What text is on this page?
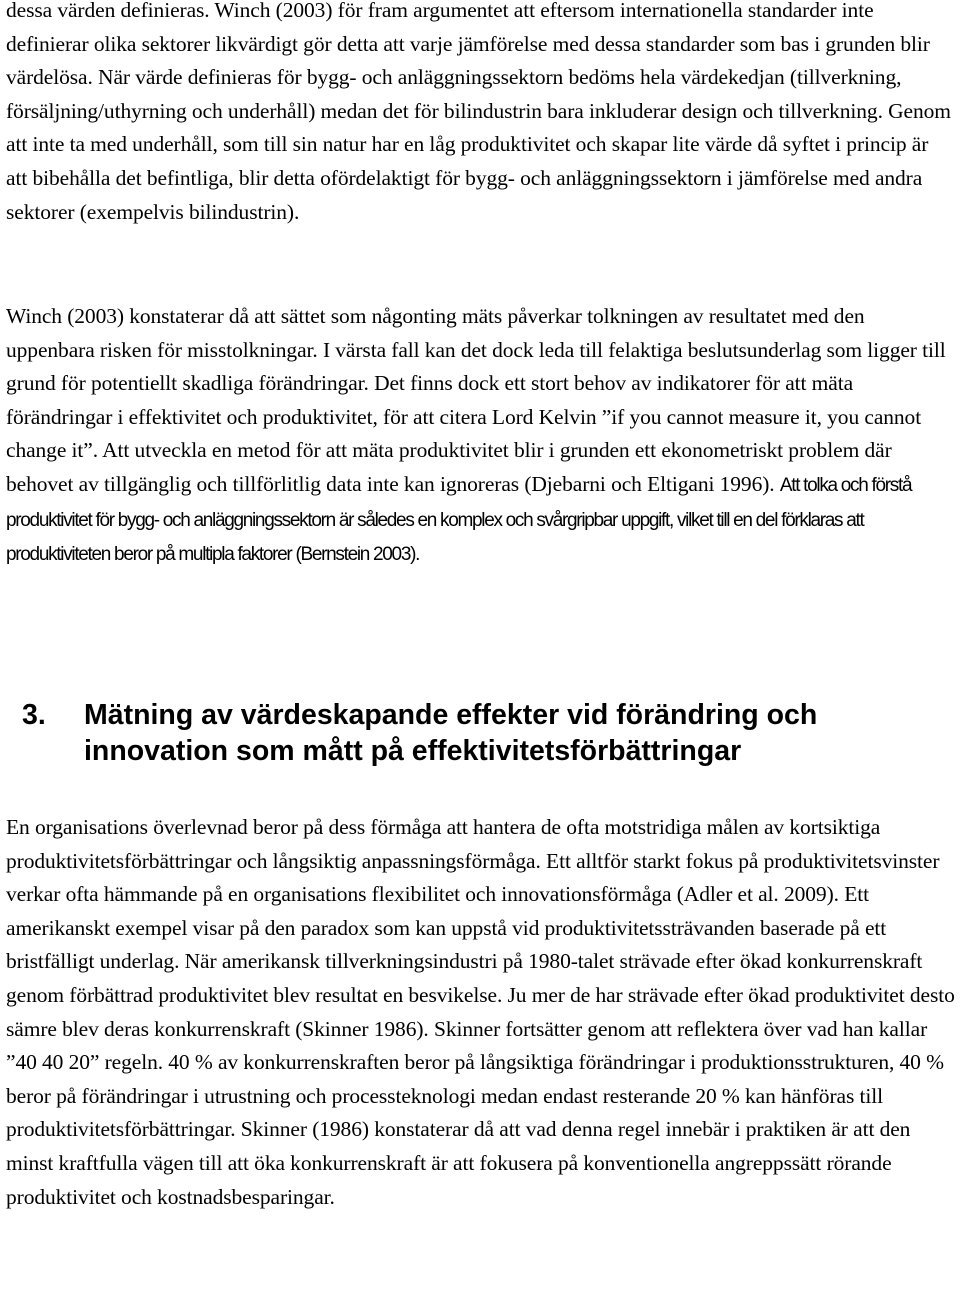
dessa värden definieras. Winch (2003) för fram argumentet att eftersom internationella standarder inte definierar olika sektorer likvärdigt gör detta att varje jämförelse med dessa standarder som bas i grunden blir värdelösa. När värde definieras för bygg- och anläggningssektorn bedöms hela värdekedjan (tillverkning, försäljning/uthyrning och underhåll) medan det för bilindustrin bara inkluderar design och tillverkning. Genom att inte ta med underhåll, som till sin natur har en låg produktivitet och skapar lite värde då syftet i princip är att bibehålla det befintliga, blir detta ofördelaktigt för bygg- och anläggningssektorn i jämförelse med andra sektorer (exempelvis bilindustrin).

Winch (2003) konstaterar då att sättet som någonting mäts påverkar tolkningen av resultatet med den uppenbara risken för misstolkningar. I värsta fall kan det dock leda till felaktiga beslutsunderlag som ligger till grund för potentiellt skadliga förändringar. Det finns dock ett stort behov av indikatorer för att mäta förändringar i effektivitet och produktivitet, för att citera Lord Kelvin ”if you cannot measure it, you cannot change it”. Att utveckla en metod för att mäta produktivitet blir i grunden ett ekonometriskt problem där behovet av tillgänglig och tillförlitlig data inte kan ignoreras (Djebarni och Eltigani 1996). Att tolka och förstå produktivitet för bygg- och anläggningssektorn är således en komplex och svårgripbar uppgift, vilket till en del förklaras att produktiviteten beror på multipla faktorer (Bernstein 2003).

3. Mätning av värdeskapande effekter vid förändring och
innovation som mått på effektivitetsförbättringar

En organisations överlevnad beror på dess förmåga att hantera de ofta motstridiga målen av kortsiktiga produktivitetsförbättringar och långsiktig anpassningsförmåga. Ett alltför starkt fokus på produktivitetsvinster verkar ofta hämmande på en organisations flexibilitet och innovationsförmåga (Adler et al. 2009). Ett amerikanskt exempel visar på den paradox som kan uppstå vid produktivitetssträvanden baserade på ett bristfälligt underlag. När amerikansk tillverkningsindustri på 1980-talet strävade efter ökad konkurrenskraft genom förbättrad produktivitet blev resultat en besvikelse. Ju mer de har strävade efter ökad produktivitet desto sämre blev deras konkurrenskraft (Skinner 1986). Skinner fortsätter genom att reflektera över vad han kallar ”40 40 20” regeln. 40 % av konkurrenskraften beror på långsiktiga förändringar i produktionsstrukturen, 40 % beror på förändringar i utrustning och processteknologi medan endast resterande 20 % kan hänföras till produktivitetsförbättringar. Skinner (1986) konstaterar då att vad denna regel innebär i praktiken är att den minst kraftfulla vägen till att öka konkurrenskraft är att fokusera på konventionella angreppssätt rörande produktivitet och kostnadsbesparingar.
